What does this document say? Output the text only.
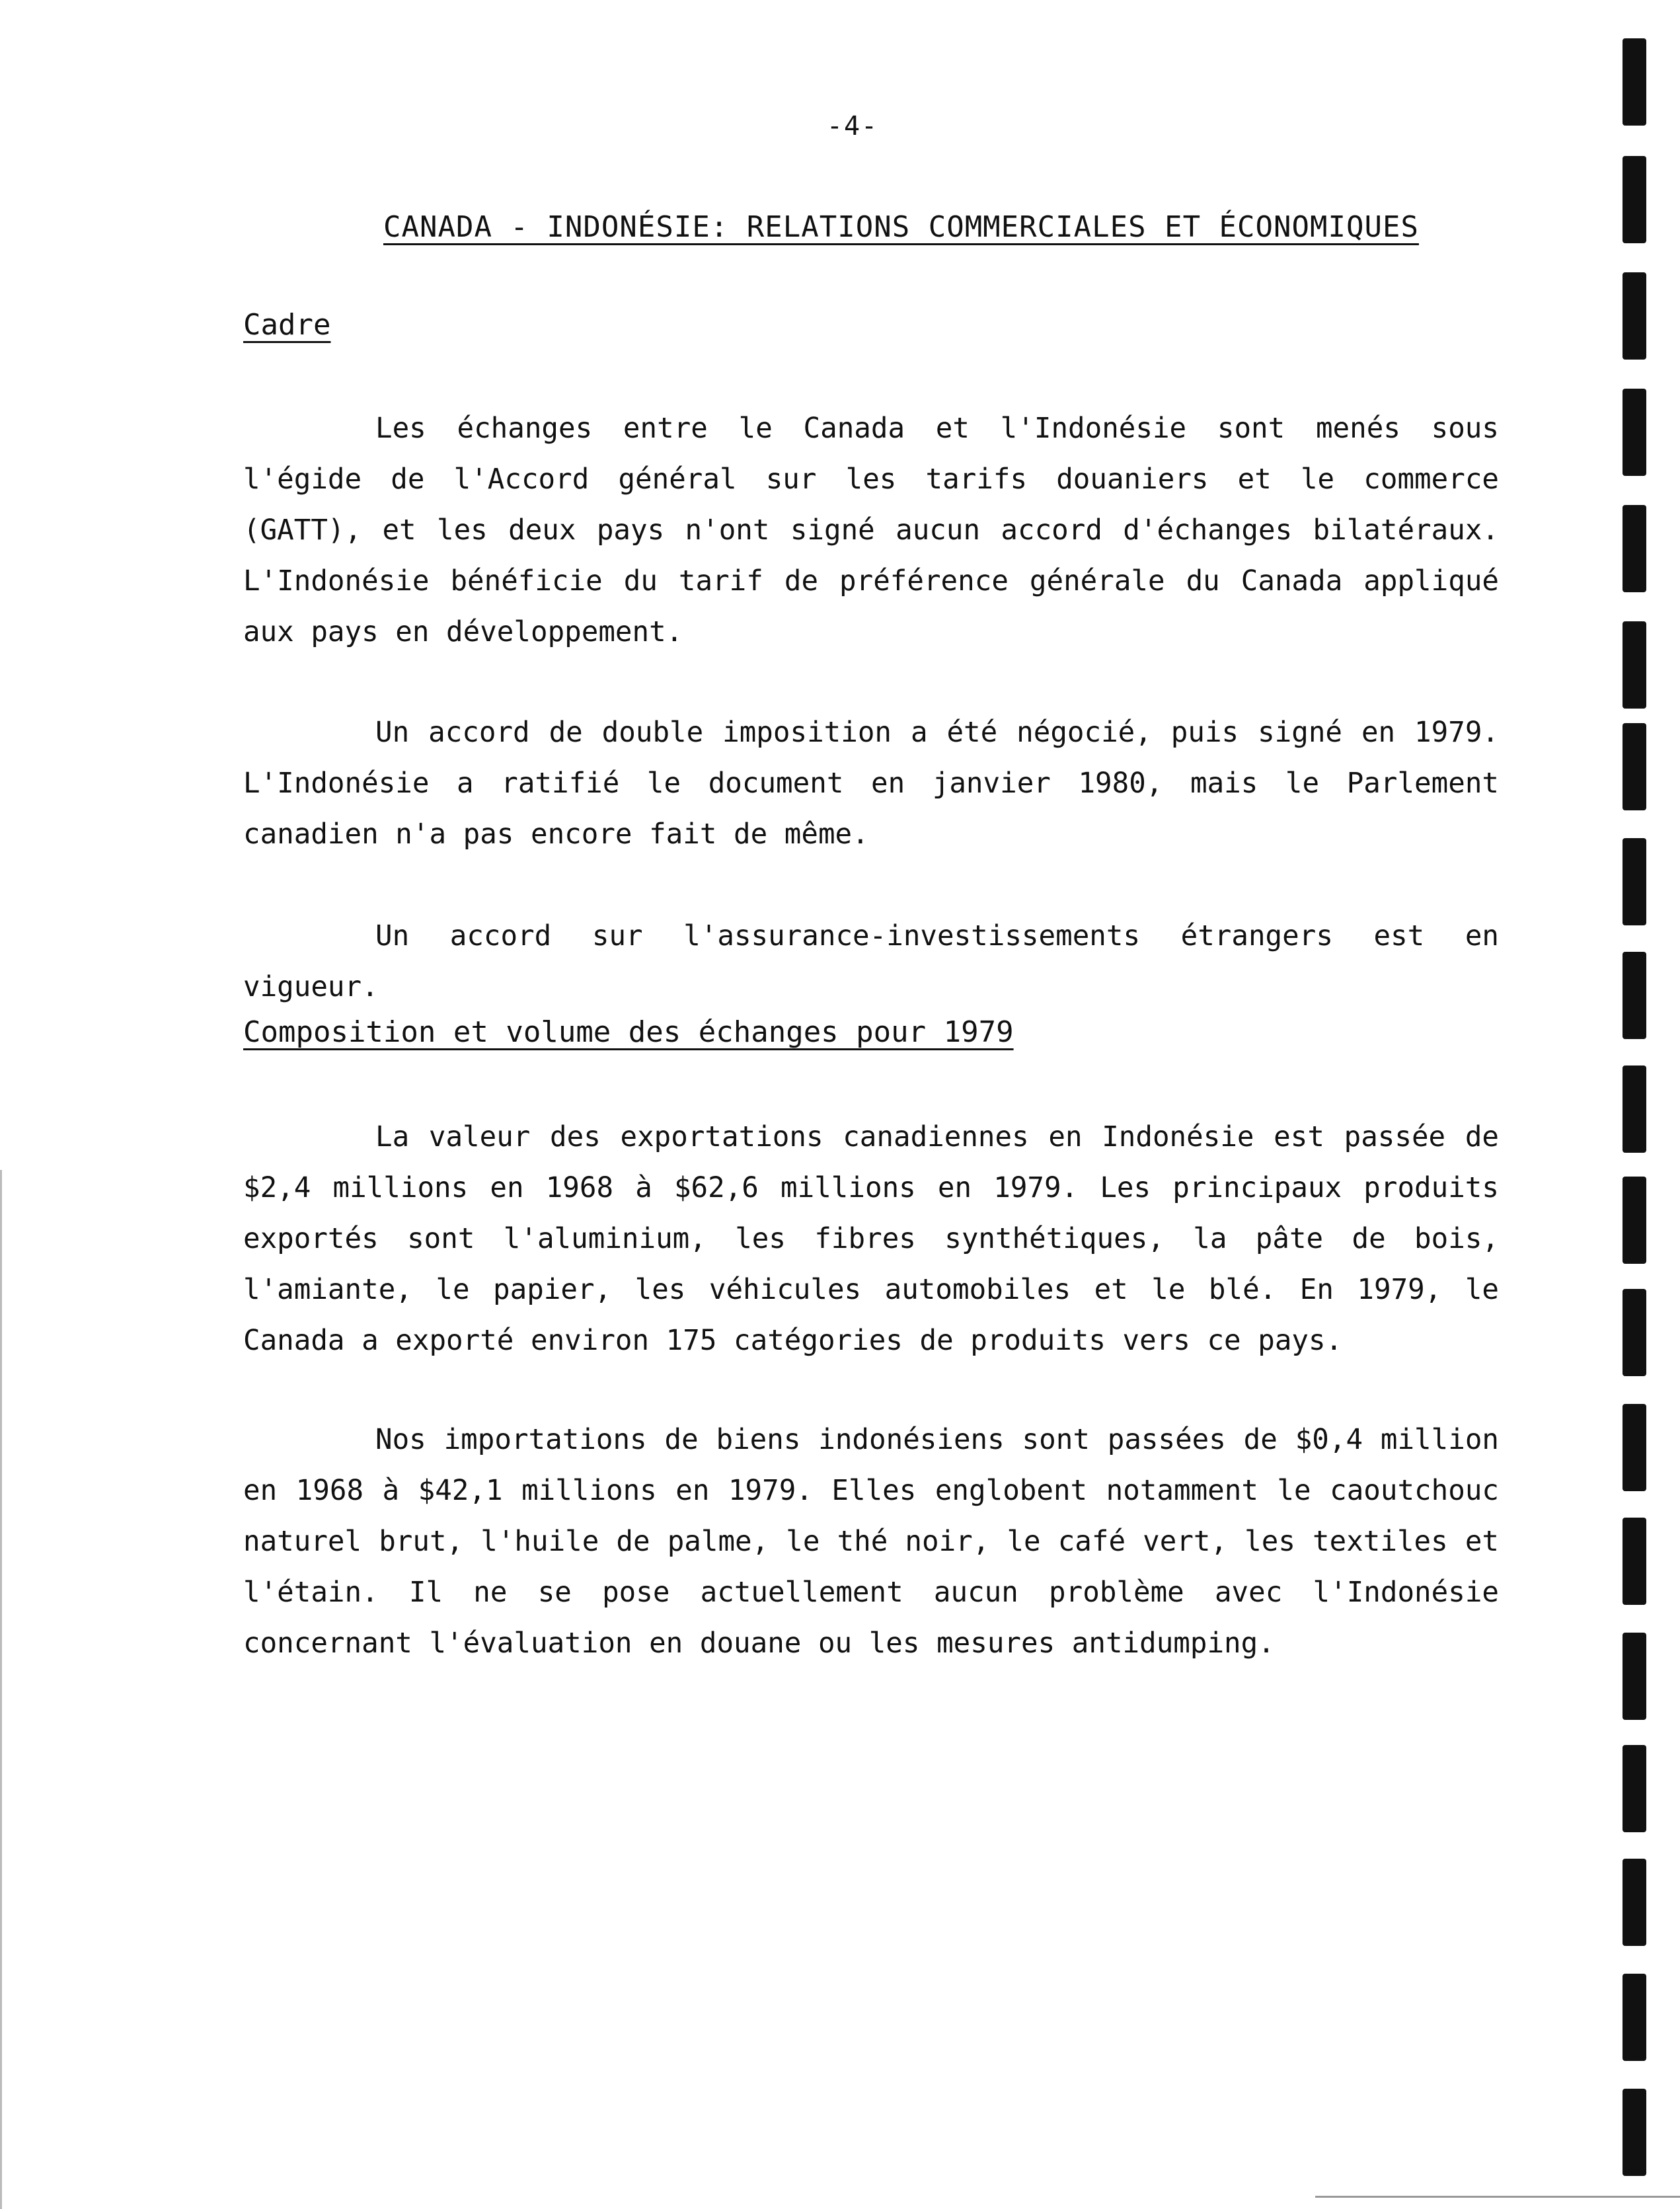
-4-
CANADA - INDONÉSIE: RELATIONS COMMERCIALES ET ÉCONOMIQUES
Cadre
Les échanges entre le Canada et l'Indonésie sont menés sous l'égide de l'Accord général sur les tarifs douaniers et le commerce (GATT), et les deux pays n'ont signé aucun accord d'échanges bilatéraux. L'Indonésie bénéficie du tarif de préférence générale du Canada appliqué aux pays en développement.
Un accord de double imposition a été négocié, puis signé en 1979. L'Indonésie a ratifié le document en janvier 1980, mais le Parlement canadien n'a pas encore fait de même.
Un accord sur l'assurance-investissements étrangers est en vigueur.
Composition et volume des échanges pour 1979
La valeur des exportations canadiennes en Indonésie est passée de $2,4 millions en 1968 à $62,6 millions en 1979. Les principaux produits exportés sont l'aluminium, les fibres synthétiques, la pâte de bois, l'amiante, le papier, les véhicules automobiles et le blé. En 1979, le Canada a exporté environ 175 catégories de produits vers ce pays.
Nos importations de biens indonésiens sont passées de $0,4 million en 1968 à $42,1 millions en 1979. Elles englobent notamment le caoutchouc naturel brut, l'huile de palme, le thé noir, le café vert, les textiles et l'étain. Il ne se pose actuellement aucun problème avec l'Indonésie concernant l'évaluation en douane ou les mesures antidumping.
